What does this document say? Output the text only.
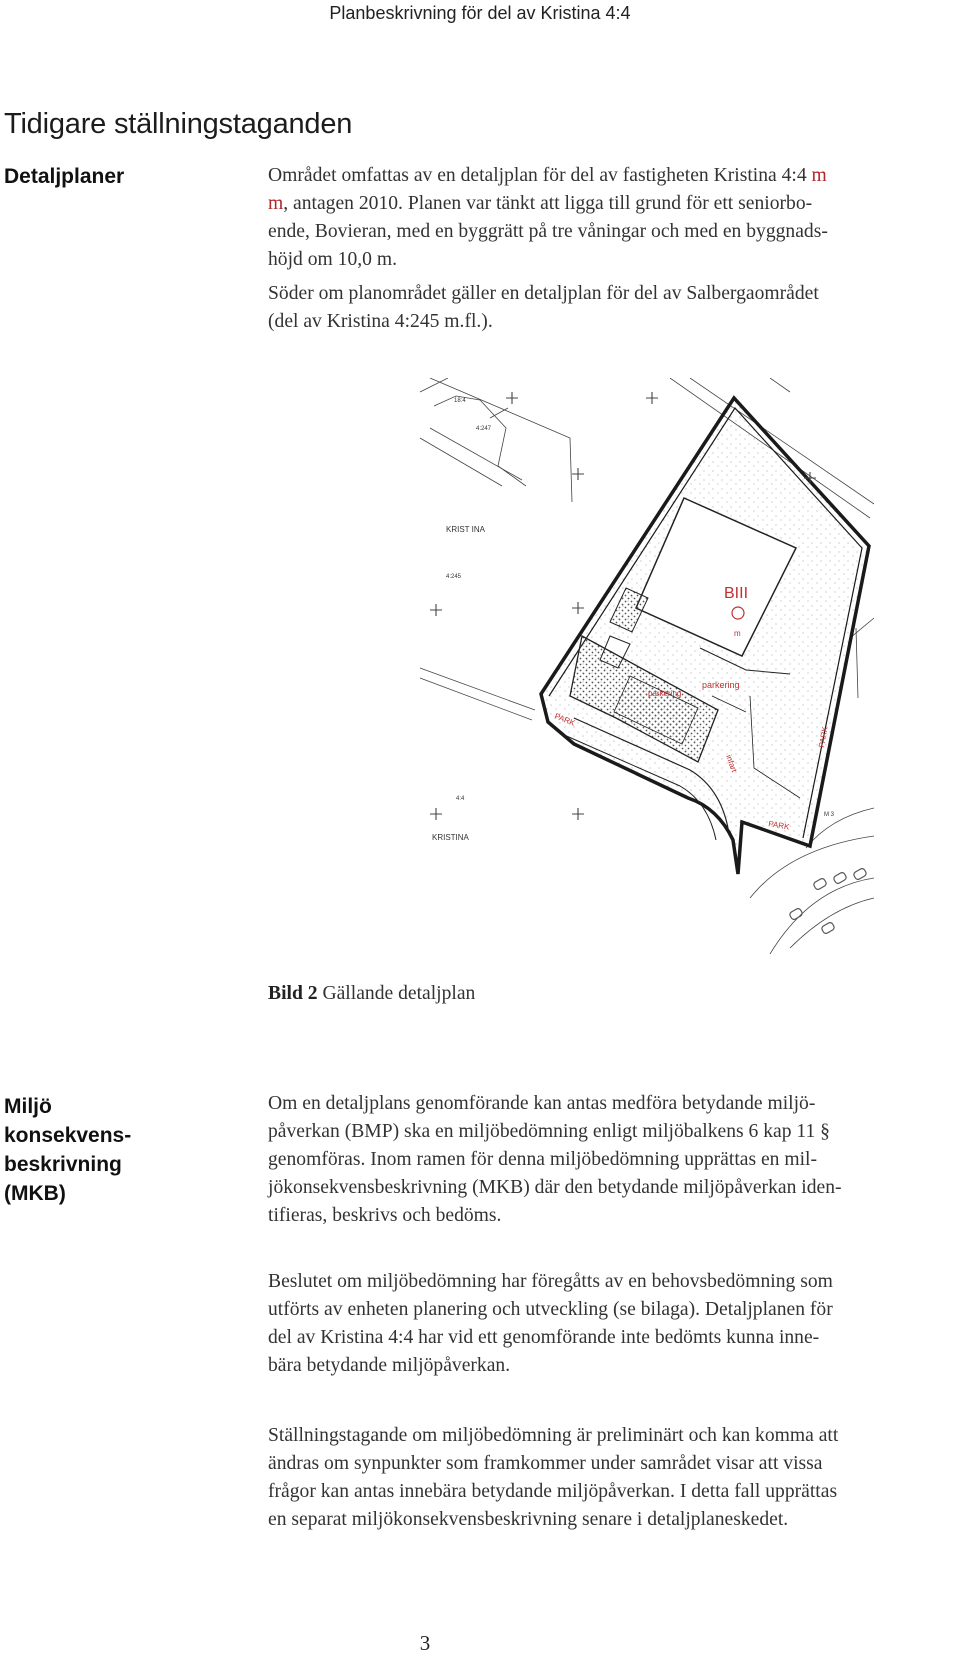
Planbeskrivning för del av Kristina 4:4
Tidigare ställningstaganden
Detaljplaner	Området omfattas av en detaljplan för del av fastigheten Kristina 4:4 m
m, antagen 2010. Planen var tänkt att ligga till grund för ett seniorbo-
ende, Bovieran, med en byggrätt på tre våningar och med en byggnads-
höjd om 10,0 m.
Söder om planområdet gäller en detaljplan för del av Salbergaområdet
(del av Kristina 4:245 m.fl.).
KRIST INA
4:245
4:247
18:4
KRISTINA
4:4
M 3
BIII
m
parkering
parkering
PARK
PARK
PARK
infart
Bild 2 Gällande detaljplan
Miljö
konsekvens-
beskrivning
(MKB)
Om en detaljplans genomförande kan antas medföra betydande miljö-
påverkan (BMP) ska en miljöbedömning enligt miljöbalkens 6 kap 11 §
genomföras. Inom ramen för denna miljöbedömning upprättas en mil-
jökonsekvensbeskrivning (MKB) där den betydande miljöpåverkan iden-
tifieras, beskrivs och bedöms.
Beslutet om miljöbedömning har föregåtts av en behovsbedömning som
utförts av enheten planering och utveckling (se bilaga). Detaljplanen för
del av Kristina 4:4 har vid ett genomförande inte bedömts kunna inne-
bära betydande miljöpåverkan.
Ställningstagande om miljöbedömning är preliminärt och kan komma att
ändras om synpunkter som framkommer under samrådet visar att vissa
frågor kan antas innebära betydande miljöpåverkan. I detta fall upprättas
en separat miljökonsekvensbeskrivning senare i detaljplaneskedet.
3
